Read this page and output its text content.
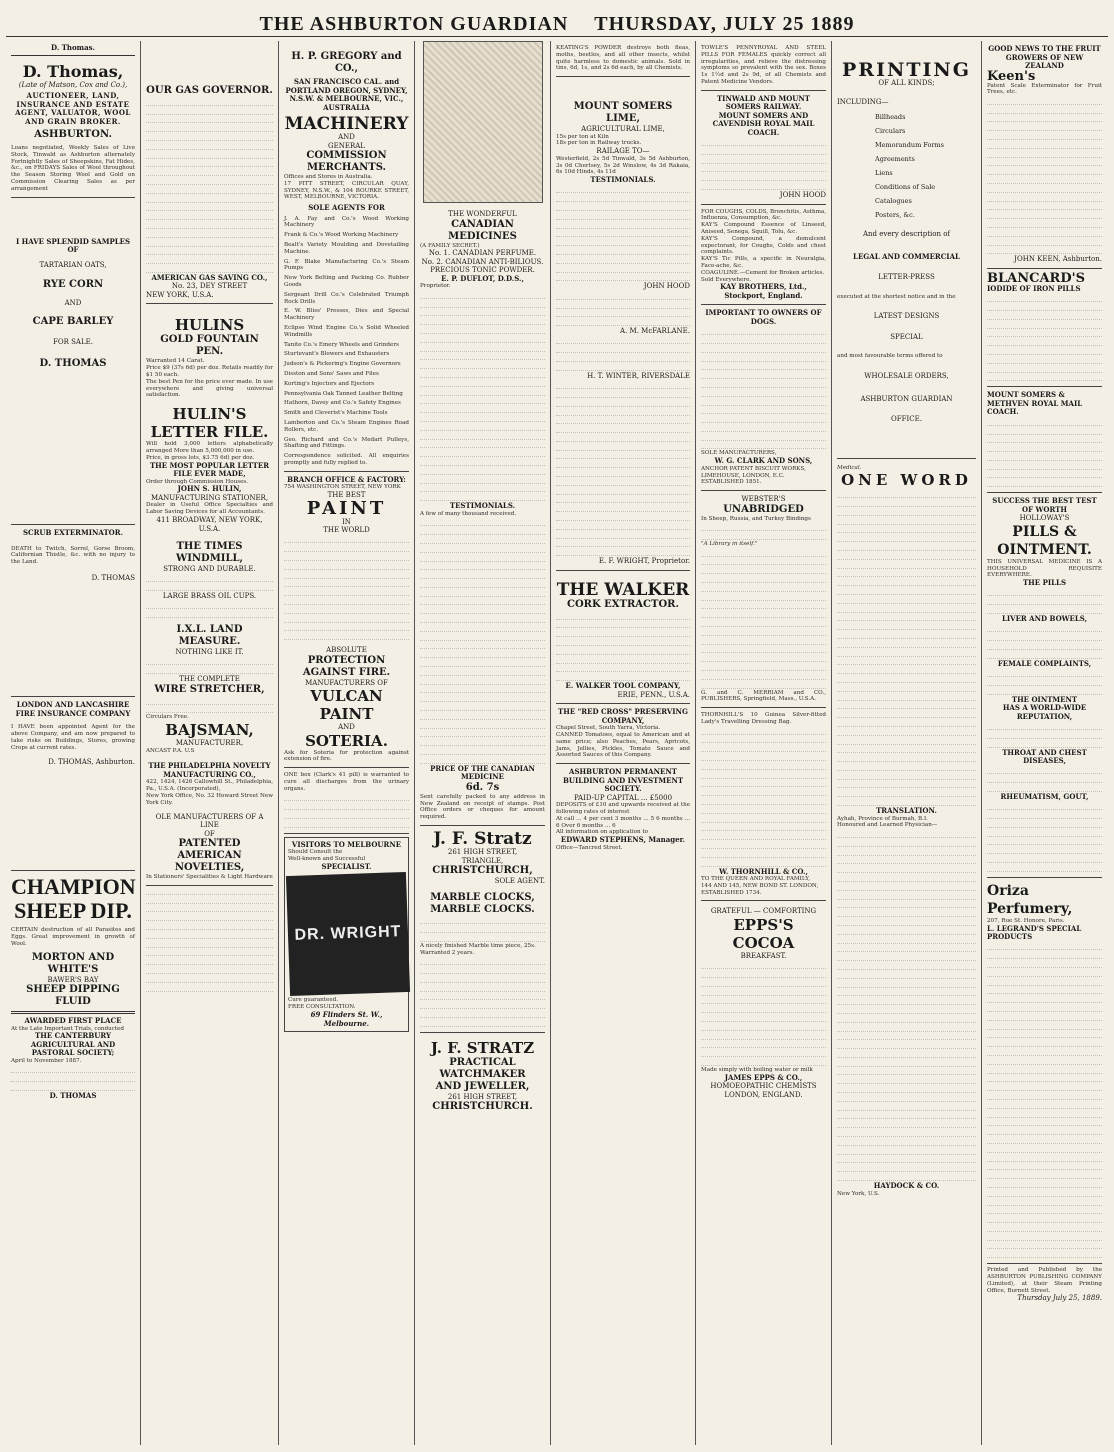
THE ASHBURTON GUARDIAN THURSDAY, JULY 25 1889
D. Thomas.
D. Thomas,
(Late of Matson, Cox and Co.),
AUCTIONEER, LAND, INSURANCE AND ESTATE AGENT, VALUATOR, WOOL AND GRAIN BROKER.
ASHBURTON.
Loans negotiated, Weekly Sales of Live Stock, Tinwald as Ashburton alternately Fortnightly Sales of Sheepskins, Fat Hides, &c., on FRIDAYS Sales of Wool throughout the Season Storing Wool and Gold on Commission Clearing Sales as per arrangement
I HAVE SPLENDID SAMPLES OF
TARTARIAN OATS,
RYE CORN
AND
CAPE BARLEY
FOR SALE.
D. THOMAS
SCRUB EXTERMINATOR.
DEATH to Twitch, Sorrel, Gorse Broom, Californian Thistle, &c. with no injury to the Land.
D. THOMAS
LONDON AND LANCASHIRE FIRE INSURANCE COMPANY
I HAVE been appointed Agent for the above Company, and am now prepared to take risks on Buildings, Stores, growing Crops at current rates.
D. THOMAS, Ashburton.
CHAMPION
SHEEP DIP.
CERTAIN destruction of all Parasites and Eggs. Great improvement in growth of Wool.
MORTON AND WHITE'S
BAWER'S BAY
SHEEP DIPPING FLUID
AWARDED FIRST PLACE
At the Late Important Trials, conducted
THE CANTERBURY AGRICULTURAL AND PASTORAL SOCIETY;
April to November 1887.
D. THOMAS
OUR GAS GOVERNOR.
AMERICAN GAS SAVING CO.,
No. 23, DEY STREET
NEW YORK, U.S.A.
HULINS
GOLD FOUNTAIN PEN.
Warranted 14 Carat.
Price $9 (37s 6d) per doz. Retails readily for $1 50 each.
The best Pen for the price ever made. In use everywhere and giving universal satisfaction.
HULIN'S
LETTER FILE.
Will hold 3,000 letters alphabetically arranged More than 5,000,000 in use.
Price, in gross lots, $3.75 6d) per doz.
THE MOST POPULAR LETTER FILE EVER MADE,
Order through Commission Houses.
JOHN S. HULIN,
MANUFACTURING STATIONER,
Dealer in Useful Office Specialties and Labor Saving Devices for all Accountants.
411 BROADWAY, NEW YORK, U.S.A.
THE TIMES WINDMILL,
STRONG AND DURABLE.
LARGE BRASS OIL CUPS.
I.X.L. LAND MEASURE.
NOTHING LIKE IT.
THE COMPLETE
WIRE STRETCHER,
Circulars Free.
BAJSMAN,
MANUFACTURER,
ANCAST P.A. U.S
THE PHILADELPHIA NOVELTY
MANUFACTURING CO.,
422, 1424, 1426 Callowhill St., Philadelphia, Pa., U.S.A. (Incorporated),
New York Office, No. 32 Howard Street New York City.
OLE MANUFACTURERS OF A LINE
OF
PATENTED AMERICAN
NOVELTIES,
In Stationers' Specialities & Light Hardware
H. P. GREGORY and CO.,
SAN FRANCISCO CAL. and PORTLAND OREGON, SYDNEY, N.S.W. & MELBOURNE, VIC., AUSTRALIA
MACHINERY
AND
GENERAL
COMMISSION MERCHANTS.
Offices and Stores in Australia.
17 PITT STREET, CIRCULAR QUAY, SYDNEY, N.S.W., & 104 BOURKE STREET, WEST, MELBOURNE, VICTORIA.
SOLE AGENTS FOR
J. A. Fay and Co.'s Wood Working Machinery
Frank & Co.'s Wood Working Machinery
Bealt's Variety Moulding and Dovetailing Machine.
G. F. Blake Manufacturing Co.'s Steam Pumps
New York Belting and Packing Co. Rubber Goods
Sergeant Drill Co.'s Celebrated Triumph Rock Drills
E. W. Bliss' Presses, Dies and Special Machinery
Eclipse Wind Engine Co.'s Solid Wheeled Windmills
Tanite Co.'s Emery Wheels and Grinders
Sturtevant's Blowers and Exhausters
Judson's & Pickering's Engine Governors
Disston and Sons' Saws and Files
Korting's Injectors and Ejectors
Pennsylvania Oak Tanned Leather Belting
Hathorn, Davey and Co.'s Safety Engines
Smith and Cleverist's Machine Tools
Lamberton and Co.'s Steam Engines Road Rollers, etc.
Geo. Richard and Co.'s Medart Pulleys, Shafting and Fittings.
Correspondence solicited. All enquiries promptly and fully replied to.
BRANCH OFFICE & FACTORY:
754 WASHINGTON STREET, NEW YORK
THE BEST
PAINT
IN
THE WORLD
ABSOLUTE
PROTECTION AGAINST FIRE.
MANUFACTURERS OF
VULCAN PAINT
AND
SOTERIA.
Ask for Soteria for protection against extension of fire.
ONE box (Clark's 41 pill) is warranted to cure all discharges from the urinary organs.
VISITORS TO MELBOURNE
Should Consult the
Well-known and Successful
SPECIALIST.
DR. WRIGHT
Cure guaranteed.
FREE CONSULTATION.
69 Flinders St. W., Melbourne.
THE WONDERFUL
CANADIAN MEDICINES
(A FAMILY SECRET.)
No. 1. CANADIAN PERFUME.
No. 2. CANADIAN ANTI-BILIOUS.
PRECIOUS TONIC POWDER.
E. P. DUFLOT, D.D.S.,
Proprietor.
TESTIMONIALS.
A few of many thousand received.
PRICE OF THE CANADIAN MEDICINE
6d. 7s
Sent carefully packed to any address in New Zealand on receipt of stamps. Post Office orders or cheques for amount required.
J. F. Stratz
261 HIGH STREET,
TRIANGLE,
CHRISTCHURCH,
SOLE AGENT.
MARBLE CLOCKS,
MARBLE CLOCKS.
A nicely finished Marble time piece, 25s.
Warranted 2 years.
J. F. STRATZ
PRACTICAL WATCHMAKER
AND JEWELLER,
261 HIGH STREET,
CHRISTCHURCH.
KEATING'S POWDER destroys both fleas, moths, beetles, and all other insects, whilst quite harmless to domestic animals. Sold in tins, 6d, 1s, and 2s 6d each, by all Chemists.
MOUNT SOMERS LIME,
AGRICULTURAL LIME,
15s per ton at Kiln
18s per ton in Railway trucks.
RAILAGE TO—
Westerfield, 2s 5d Tinwald, 3s 5d Ashburton, 3s 0d Chertsey, 5s 2d Winslow, 4s 3d Rakaia, 6s 10d Hinds, 4s 11d
TESTIMONIALS.
JOHN HOOD
A. M. McFARLANE.
H. T. WINTER, RIVERSDALE
E. F. WRIGHT, Proprietor.
THE WALKER
CORK EXTRACTOR.
E. WALKER TOOL COMPANY,
ERIE, PENN., U.S.A.
THE "RED CROSS" PRESERVING COMPANY,
Chapel Street, South Yarra, Victoria.
CANNED Tomatoes, equal to American and at same price; also Peaches, Pears, Apricots, Jams, Jellies, Pickles, Tomato Sauce and Assorted Sauces of this Company.
ASHBURTON PERMANENT BUILDING AND INVESTMENT SOCIETY.
PAID-UP CAPITAL ... £5000
DEPOSITS of £10 and upwards received at the following rates of interest
At call ... 4 per cent 3 months ... 5 6 months ... 6 Over 6 months ... 6
All information on application to
EDWARD STEPHENS, Manager.
Office—Tancred Street.
TOWLE'S PENNYROYAL AND STEEL PILLS FOR FEMALES quickly correct all irregularities, and relieve the distressing symptoms so prevalent with the sex. Boxes 1s 1½d and 2s 9d, of all Chemists and Patent Medicine Vendors.
TINWALD AND MOUNT SOMERS RAILWAY.
MOUNT SOMERS AND CAVENDISH ROYAL MAIL COACH.
JOHN HOOD
FOR COUGHS, COLDS, Bronchitis, Asthma, Influenza, Consumption, &c.
KAY'S Compound Essence of Linseed, Aniseed, Senega, Squill, Tolu, &c.
KAY'S Compound, a demulcent expectorant, for Coughs, Colds and chest complaints.
KAY'S Tic Pills, a specific in Neuralgia, Face-ache, &c.
COAGULINE.—Cement for Broken articles.
Sold Everywhere.
KAY BROTHERS, Ltd., Stockport, England.
IMPORTANT TO OWNERS OF DOGS.
SOLE MANUFACTURERS,
W. G. CLARK AND SONS,
ANCHOR PATENT BISCUIT WORKS,
LIMEHOUSE, LONDON, E.C.
ESTABLISHED 1851.
WEBSTER'S
UNABRIDGED
In Sheep, Russia, and Turkey Bindings
"A Library in itself."
G. and C. MERRIAM and CO., PUBLISHERS, Springfield, Mass., U.S.A.
THORNHILL'S 10 Guinea Silver-fitted Lady's Travelling Dressing Bag.
W. THORNHILL & CO.,
TO THE QUEEN AND ROYAL FAMILY,
144 AND 145, NEW BOND ST. LONDON,
ESTABLISHED 1734.
GRATEFUL — COMFORTING
EPPS'S COCOA
BREAKFAST.
Made simply with boiling water or milk
JAMES EPPS & CO.,
HOMOEOPATHIC CHEMISTS
LONDON, ENGLAND.
PRINTING
OF ALL KINDS;
INCLUDING—
Billheads
Circulars
Memorandum Forms
Agreements
Liens
Conditions of Sale
Catalogues
Posters, &c.
And every description of
LEGAL AND COMMERCIAL
LETTER-PRESS
executed at the shortest notice and in the
LATEST DESIGNS
SPECIAL
and most favourable terms offered to
WHOLESALE ORDERS,
ASHBURTON GUARDIAN
OFFICE.
Medical.
ONE WORD
TRANSLATION.
Ayhah, Province of Burmah, B.I.
Honoured and Learned Physician—
HAYDOCK & CO.
New York, U.S.
GOOD NEWS TO THE FRUIT GROWERS OF NEW ZEALAND
Keen's
Patent Scale Exterminator for Fruit Trees, etc.
JOHN KEEN, Ashburton.
BLANCARD'S
IODIDE OF IRON PILLS
MOUNT SOMERS & METHVEN ROYAL MAIL COACH.
SUCCESS THE BEST TEST OF WORTH
HOLLOWAY'S
PILLS & OINTMENT.
THIS UNIVERSAL MEDICINE IS A HOUSEHOLD REQUISITE EVERYWHERE.
THE PILLS
LIVER AND BOWELS,
FEMALE COMPLAINTS,
THE OINTMENT
HAS A WORLD-WIDE REPUTATION,
THROAT AND CHEST DISEASES,
RHEUMATISM, GOUT,
Oriza Perfumery,
207, Rue St. Honore, Paris.
L. LEGRAND'S SPECIAL PRODUCTS
Printed and Published by the ASHBURTON PUBLISHING COMPANY (Limited), at their Steam Printing Office, Burnett Street.
Thursday July 25, 1889.
